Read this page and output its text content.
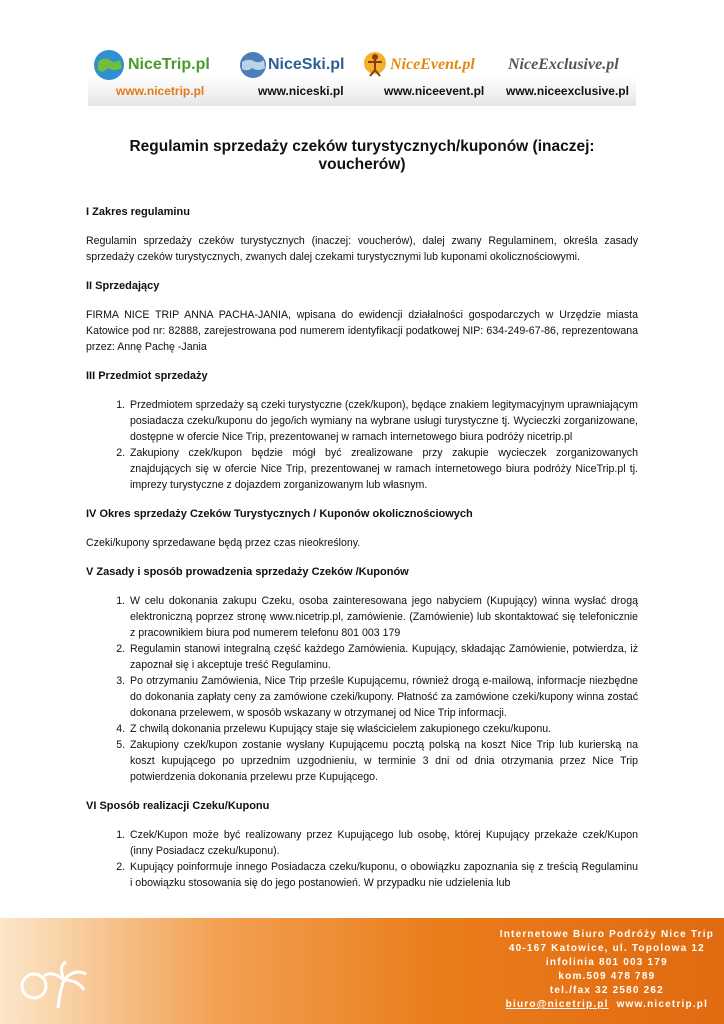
NiceTrip.pl	NiceSki.pl	NiceEvent.pl NiceExclusive.pl
www.nicetrip.pl	www.niceski.pl	www.niceevent.pl www.niceexclusive.pl
Regulamin sprzedaży czeków turystycznych/kuponów (inaczej: voucherów)
I Zakres regulaminu

Regulamin sprzedaży czeków turystycznych (inaczej: voucherów), dalej zwany Regulaminem, określa zasady sprzedaży czeków turystycznych, zwanych dalej czekami turystycznymi lub kuponami okolicznościowymi.

II Sprzedający

FIRMA NICE TRIP ANNA PACHA-JANIA, wpisana do ewidencji działalności gospodarczych w Urzędzie miasta Katowice pod nr: 82888, zarejestrowana pod numerem identyfikacji podatkowej NIP: 634-249-67-86, reprezentowana przez: Annę Pachę -Jania

III Przedmiot sprzedaży
1. Przedmiotem sprzedaży są czeki turystyczne (czek/kupon), będące znakiem legitymacyjnym uprawniającym posiadacza czeku/kuponu do jego/ich wymiany na wybrane usługi turystyczne tj. Wycieczki zorganizowane, dostępne w ofercie Nice Trip, prezentowanej w ramach internetowego biura podróży nicetrip.pl
2. Zakupiony czek/kupon będzie mógł być zrealizowane przy zakupie wycieczek zorganizowanych znajdujących się w ofercie Nice Trip, prezentowanej w ramach internetowego biura podróży NiceTrip.pl tj. imprezy turystyczne z dojazdem zorganizowanym lub własnym.
IV Okres sprzedaży Czeków Turystycznych / Kuponów okolicznościowych

Czeki/kupony sprzedawane będą przez czas nieokreślony.

V Zasady i sposób prowadzenia sprzedaży Czeków /Kuponów
1. W celu dokonania zakupu Czeku, osoba zainteresowana jego nabyciem (Kupujący) winna wysłać drogą elektroniczną poprzez stronę www.nicetrip.pl, zamówienie. (Zamówienie) lub skontaktować się telefonicznie z pracownikiem biura pod numerem telefonu 801 003 179
2. Regulamin stanowi integralną część każdego Zamówienia. Kupujący, składając Zamówienie, potwierdza, iż zapoznał się i akceptuje treść Regulaminu.
3. Po otrzymaniu Zamówienia, Nice Trip prześle Kupującemu, również drogą e-mailową, informacje niezbędne do dokonania zapłaty ceny za zamówione czeki/kupony. Płatność za zamówione czeki/kupony winna zostać dokonana przelewem, w sposób wskazany w otrzymanej od Nice Trip informacji.
4. Z chwilą dokonania przelewu Kupujący staje się właścicielem zakupionego czeku/kuponu.
5. Zakupiony czek/kupon zostanie wysłany Kupującemu pocztą polską na koszt Nice Trip lub kurierską na koszt kupującego po uprzednim uzgodnieniu, w terminie 3 dni od dnia otrzymania przez Nice Trip potwierdzenia dokonania przelewu prze Kupującego.
VI Sposób realizacji Czeku/Kuponu
1. Czek/Kupon może być realizowany przez Kupującego lub osobę, której Kupujący przekaże czek/Kupon (inny Posiadacz czeku/kuponu).
2. Kupujący poinformuje innego Posiadacza czeku/kuponu, o obowiązku zapoznania się z treścią Regulaminu i obowiązku stosowania się do jego postanowień. W przypadku nie udzielenia lub
Internetowe Biuro Podróży Nice Trip
40-167 Katowice, ul. Topolowa 12
infolinia 801 003 179
kom.509 478 789
tel./fax 32 2580 262
biuro@nicetrip.pl www.nicetrip.pl
